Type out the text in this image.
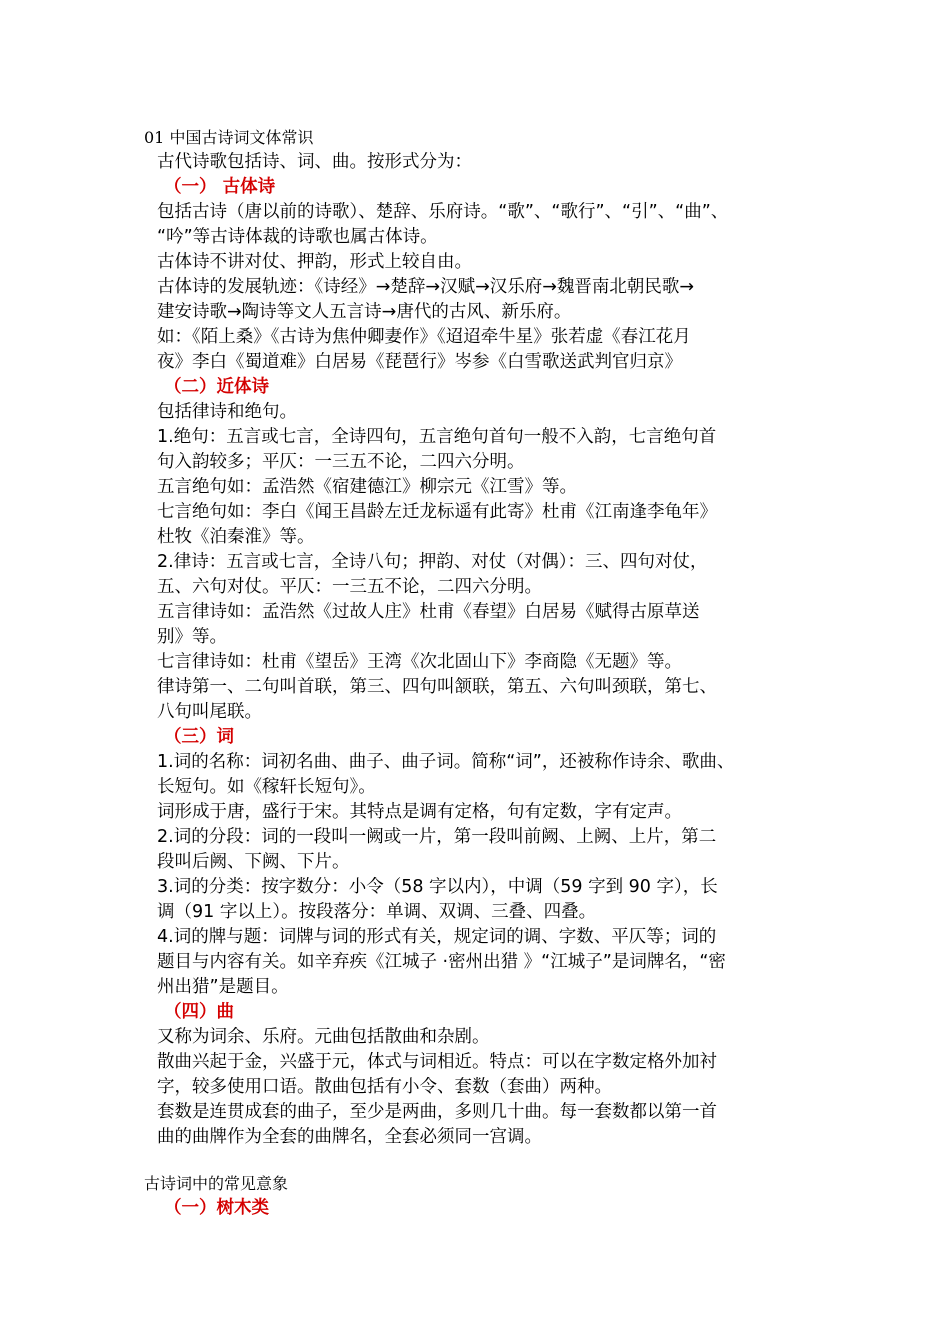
01 中国古诗词文体常识
古代诗歌包括诗、词、曲。按形式分为：
（一） 古体诗
包括古诗（唐以前的诗歌）、楚辞、乐府诗。“歌”、“歌行”、“引”、“曲”、
“吟”等古诗体裁的诗歌也属古体诗。
古体诗不讲对仗、押韵，形式上较自由。
古体诗的发展轨迹：《诗经》→楚辞→汉赋→汉乐府→魏晋南北朝民歌→
建安诗歌→陶诗等文人五言诗→唐代的古风、新乐府。
如：《陌上桑》《古诗为焦仲卿妻作》《迢迢牵牛星》张若虚《春江花月
夜》李白《蜀道难》白居易《琵琶行》岑参《白雪歌送武判官归京》
（二）近体诗
包括律诗和绝句。
1.绝句：五言或七言，全诗四句，五言绝句首句一般不入韵，七言绝句首
句入韵较多；平仄：一三五不论，二四六分明。
五言绝句如：孟浩然《宿建德江》柳宗元《江雪》等。
七言绝句如：李白《闻王昌龄左迁龙标遥有此寄》杜甫《江南逢李龟年》
杜牧《泊秦淮》等。
2.律诗：五言或七言，全诗八句；押韵、对仗（对偶）：三、四句对仗，
五、六句对仗。平仄：一三五不论，二四六分明。
五言律诗如：孟浩然《过故人庄》杜甫《春望》白居易《赋得古原草送
别》等。
七言律诗如：杜甫《望岳》王湾《次北固山下》李商隐《无题》等。
律诗第一、二句叫首联，第三、四句叫颔联，第五、六句叫颈联，第七、
八句叫尾联。
（三）词
1.词的名称：词初名曲、曲子、曲子词。简称“词”，还被称作诗余、歌曲、
长短句。如《稼轩长短句》。
词形成于唐，盛行于宋。其特点是调有定格，句有定数，字有定声。
2.词的分段：词的一段叫一阙或一片，第一段叫前阙、上阙、上片，第二
段叫后阙、下阙、下片。
3.词的分类：按字数分：小令（58 字以内），中调（59 字到 90 字），长
调（91 字以上）。按段落分：单调、双调、三叠、四叠。
4.词的牌与题：词牌与词的形式有关，规定词的调、字数、平仄等；词的
题目与内容有关。如辛弃疾《江城子 ·密州出猎 》“江城子”是词牌名，“密
州出猎”是题目。
（四）曲
又称为词余、乐府。元曲包括散曲和杂剧。
散曲兴起于金，兴盛于元，体式与词相近。特点：可以在字数定格外加衬
字，较多使用口语。散曲包括有小令、套数（套曲）两种。
套数是连贯成套的曲子，至少是两曲，多则几十曲。每一套数都以第一首
曲的曲牌作为全套的曲牌名，全套必须同一宫调。
古诗词中的常见意象
（一）树木类
